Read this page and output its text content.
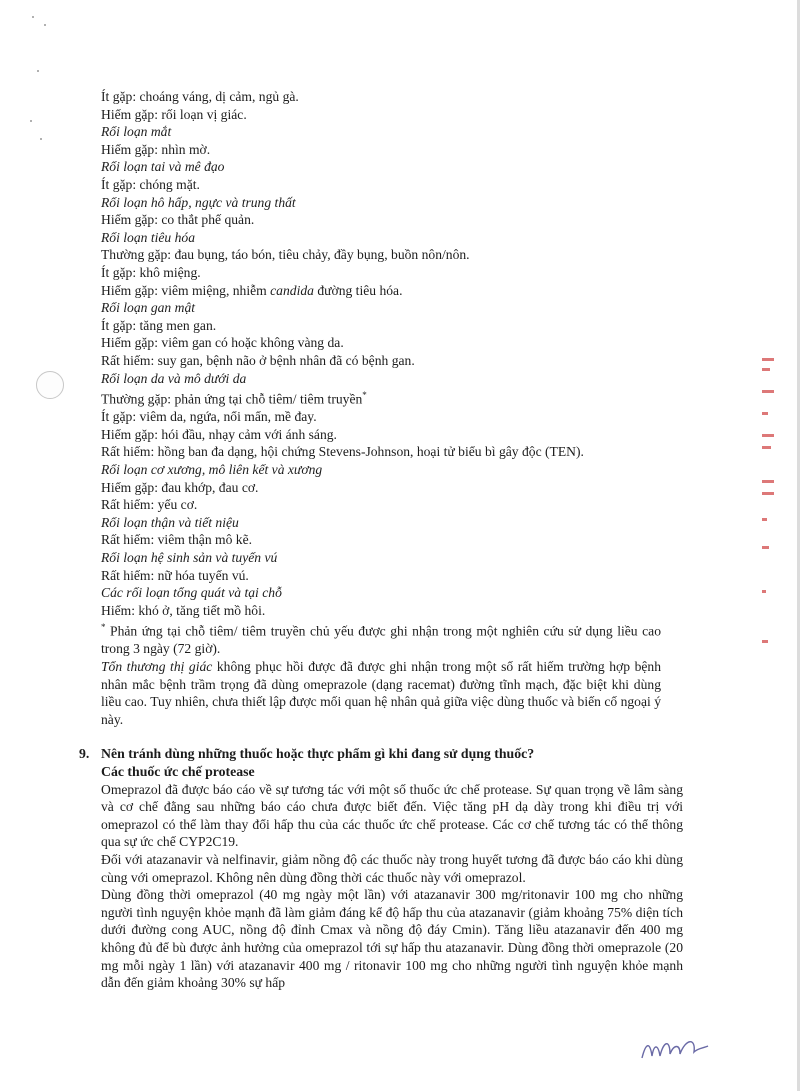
Ít gặp: choáng váng, dị cảm, ngủ gà.
Hiếm gặp: rối loạn vị giác.
Rối loạn mắt
Hiếm gặp: nhìn mờ.
Rối loạn tai và mê đạo
Ít gặp: chóng mặt.
Rối loạn hô hấp, ngực và trung thất
Hiếm gặp: co thắt phế quản.
Rối loạn tiêu hóa
Thường gặp: đau bụng, táo bón, tiêu chảy, đầy bụng, buồn nôn/nôn.
Ít gặp: khô miệng.
Hiếm gặp: viêm miệng, nhiễm candida đường tiêu hóa.
Rối loạn gan mật
Ít gặp: tăng men gan.
Hiếm gặp: viêm gan có hoặc không vàng da.
Rất hiếm: suy gan, bệnh não ở bệnh nhân đã có bệnh gan.
Rối loạn da và mô dưới da
Thường gặp: phản ứng tại chỗ tiêm/ tiêm truyền*
Ít gặp: viêm da, ngứa, nổi mẩn, mề đay.
Hiếm gặp: hói đầu, nhạy cảm với ánh sáng.
Rất hiếm: hồng ban đa dạng, hội chứng Stevens-Johnson, hoại tử biểu bì gây độc (TEN).
Rối loạn cơ xương, mô liên kết và xương
Hiếm gặp: đau khớp, đau cơ.
Rất hiếm: yếu cơ.
Rối loạn thận và tiết niệu
Rất hiếm: viêm thận mô kẽ.
Rối loạn hệ sinh sản và tuyến vú
Rất hiếm: nữ hóa tuyến vú.
Các rối loạn tổng quát và tại chỗ
Hiếm: khó ở, tăng tiết mồ hôi.
* Phản ứng tại chỗ tiêm/ tiêm truyền chủ yếu được ghi nhận trong một nghiên cứu sử dụng liều cao trong 3 ngày (72 giờ).
Tổn thương thị giác không phục hồi được đã được ghi nhận trong một số rất hiếm trường hợp bệnh nhân mắc bệnh trầm trọng đã dùng omeprazole (dạng racemat) đường tĩnh mạch, đặc biệt khi dùng liều cao. Tuy nhiên, chưa thiết lập được mối quan hệ nhân quả giữa việc dùng thuốc và biến cố ngoại ý này.
9. Nên tránh dùng những thuốc hoặc thực phẩm gì khi đang sử dụng thuốc?
Các thuốc ức chế protease
Omeprazol đã được báo cáo về sự tương tác với một số thuốc ức chế protease. Sự quan trọng về lâm sàng và cơ chế đằng sau những báo cáo chưa được biết đến. Việc tăng pH dạ dày trong khi điều trị với omeprazol có thể làm thay đổi hấp thu của các thuốc ức chế protease. Các cơ chế tương tác có thể thông qua sự ức chế CYP2C19.
Đối với atazanavir và nelfinavir, giảm nồng độ các thuốc này trong huyết tương đã được báo cáo khi dùng cùng với omeprazol. Không nên dùng đồng thời các thuốc này với omeprazol.
Dùng đồng thời omeprazol (40 mg ngày một lần) với atazanavir 300 mg/ritonavir 100 mg cho những người tình nguyện khỏe mạnh đã làm giảm đáng kể độ hấp thu của atazanavir (giảm khoảng 75% diện tích dưới đường cong AUC, nồng độ đỉnh Cmax và nồng độ đáy Cmin). Tăng liều atazanavir đến 400 mg không đủ để bù được ảnh hưởng của omeprazol tới sự hấp thu atazanavir. Dùng đồng thời omeprazole (20 mg mỗi ngày 1 lần) với atazanavir 400 mg / ritonavir 100 mg cho những người tình nguyện khỏe mạnh dẫn đến giảm khoảng 30% sự hấp
